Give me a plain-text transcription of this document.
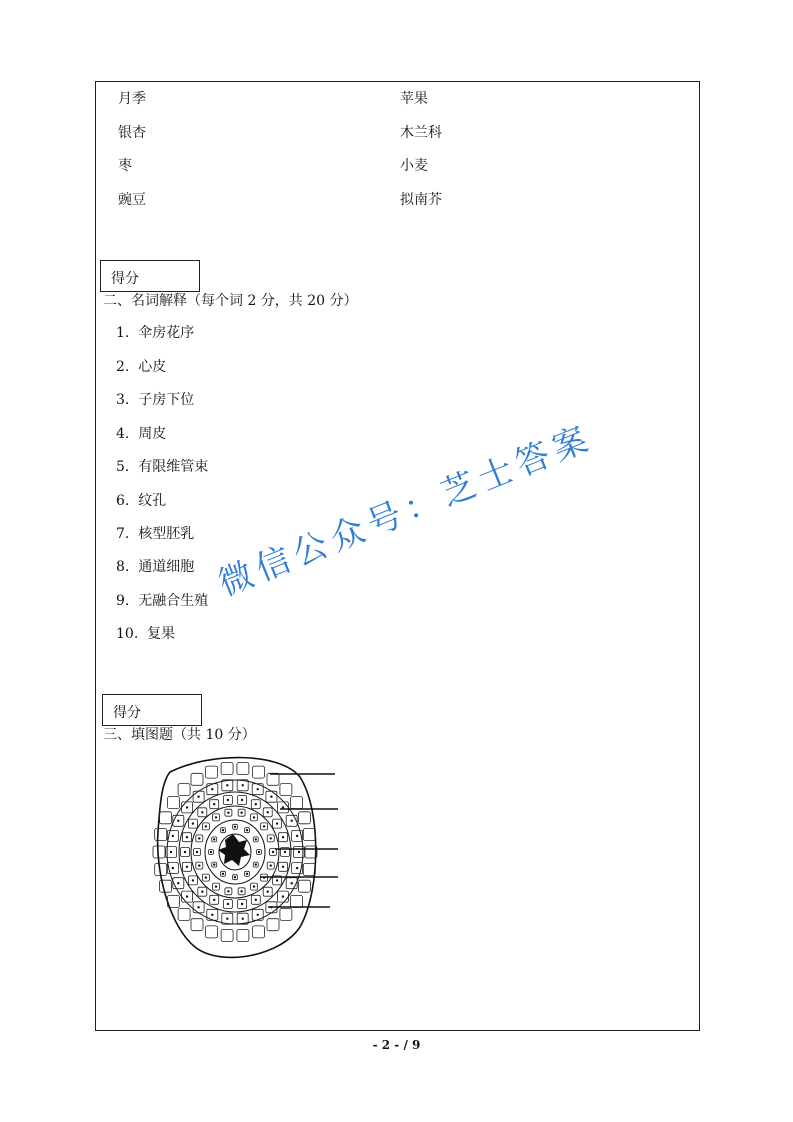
月季
银杏
枣
豌豆
苹果
木兰科
小麦
拟南芥
得分
二、名词解释（每个词 2 分，共 20 分）
1. 伞房花序
2. 心皮
3. 子房下位
4. 周皮
5. 有限维管束
6. 纹孔
7. 核型胚乳
8. 通道细胞
9. 无融合生殖
10. 复果
微信公众号：芝士答案
得分
三、填图题（共 10 分）
- 2 - / 9
